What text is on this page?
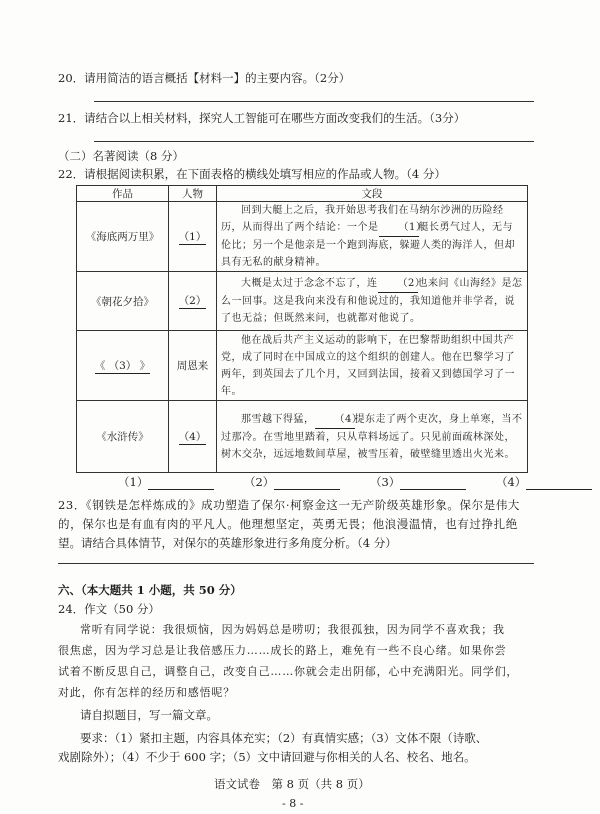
20．请用简洁的语言概括【材料一】的主要内容。（2分）
21．请结合以上相关材料，探究人工智能可在哪些方面改变我们的生活。（3分）
（二）名著阅读（8 分）
22．请根据阅读积累，在下面表格的横线处填写相应的作品或人物。（4 分）
作品	人物	文段
《海底两万里》	（1）	回到大艇上之后，我开始思考我们在马纳尔沙洲的历险经历，从而得出了两个结论：一个是 （1）艇长勇气过人，无与伦比；另一个是他亲是一个跑到海底，躲避人类的海洋人，但却具有无私的献身精神。
《朝花夕拾》	（2）	大概是太过于念念不忘了，连 （2）也来问《山海经》是怎么一回事。这是我向来没有和他说过的，我知道他并非学者，说了也无益；但既然来问，也就都对他说了。
《 （3） 》	周恩来	他在战后共产主义运动的影响下，在巴黎帮助组织中国共产党，成了同时在中国成立的这个组织的创建人。他在巴黎学习了两年，到英国去了几个月，又回到法国，接着又到德国学习了一年。
《水浒传》	（4）	那雪越下得猛， （4）提东走了两个吏次，身上单寒，当不过那冷。在雪地里踏着，只从草料场远了。只见前面疏林深处，树木交杂，远远地数间草屋，被雪压着，破壁缝里透出火光来。
（1）	（2）	（3）	（4）
23．《钢铁是怎样炼成的》成功塑造了保尔·柯察金这一无产阶级英雄形象。保尔是伟大
的，保尔也是有血有肉的平凡人。他理想坚定，英勇无畏；他浪漫温情，也有过挣扎绝
望。请结合具体情节，对保尔的英雄形象进行多角度分析。（4 分）
六、（本大题共 1 小题，共 50 分）
24．作文（50 分）
常听有同学说：我很烦恼，因为妈妈总是唠叨；我很孤独，因为同学不喜欢我；我
很焦虑，因为学习总是让我倍感压力……成长的路上，难免有一些不良心绪。如果你尝
试着不断反思自己，调整自己，改变自己……你就会走出阴郁，心中充满阳光。同学们，
对此，你有怎样的经历和感悟呢？
请自拟题目，写一篇文章。
要求：（1）紧扣主题，内容具体充实；（2）有真情实感；（3）文体不限（诗歌、
戏剧除外）；（4）不少于 600 字；（5）文中请回避与你相关的人名、校名、地名。
语文试卷　第 8 页（共 8 页）
- 8 -
